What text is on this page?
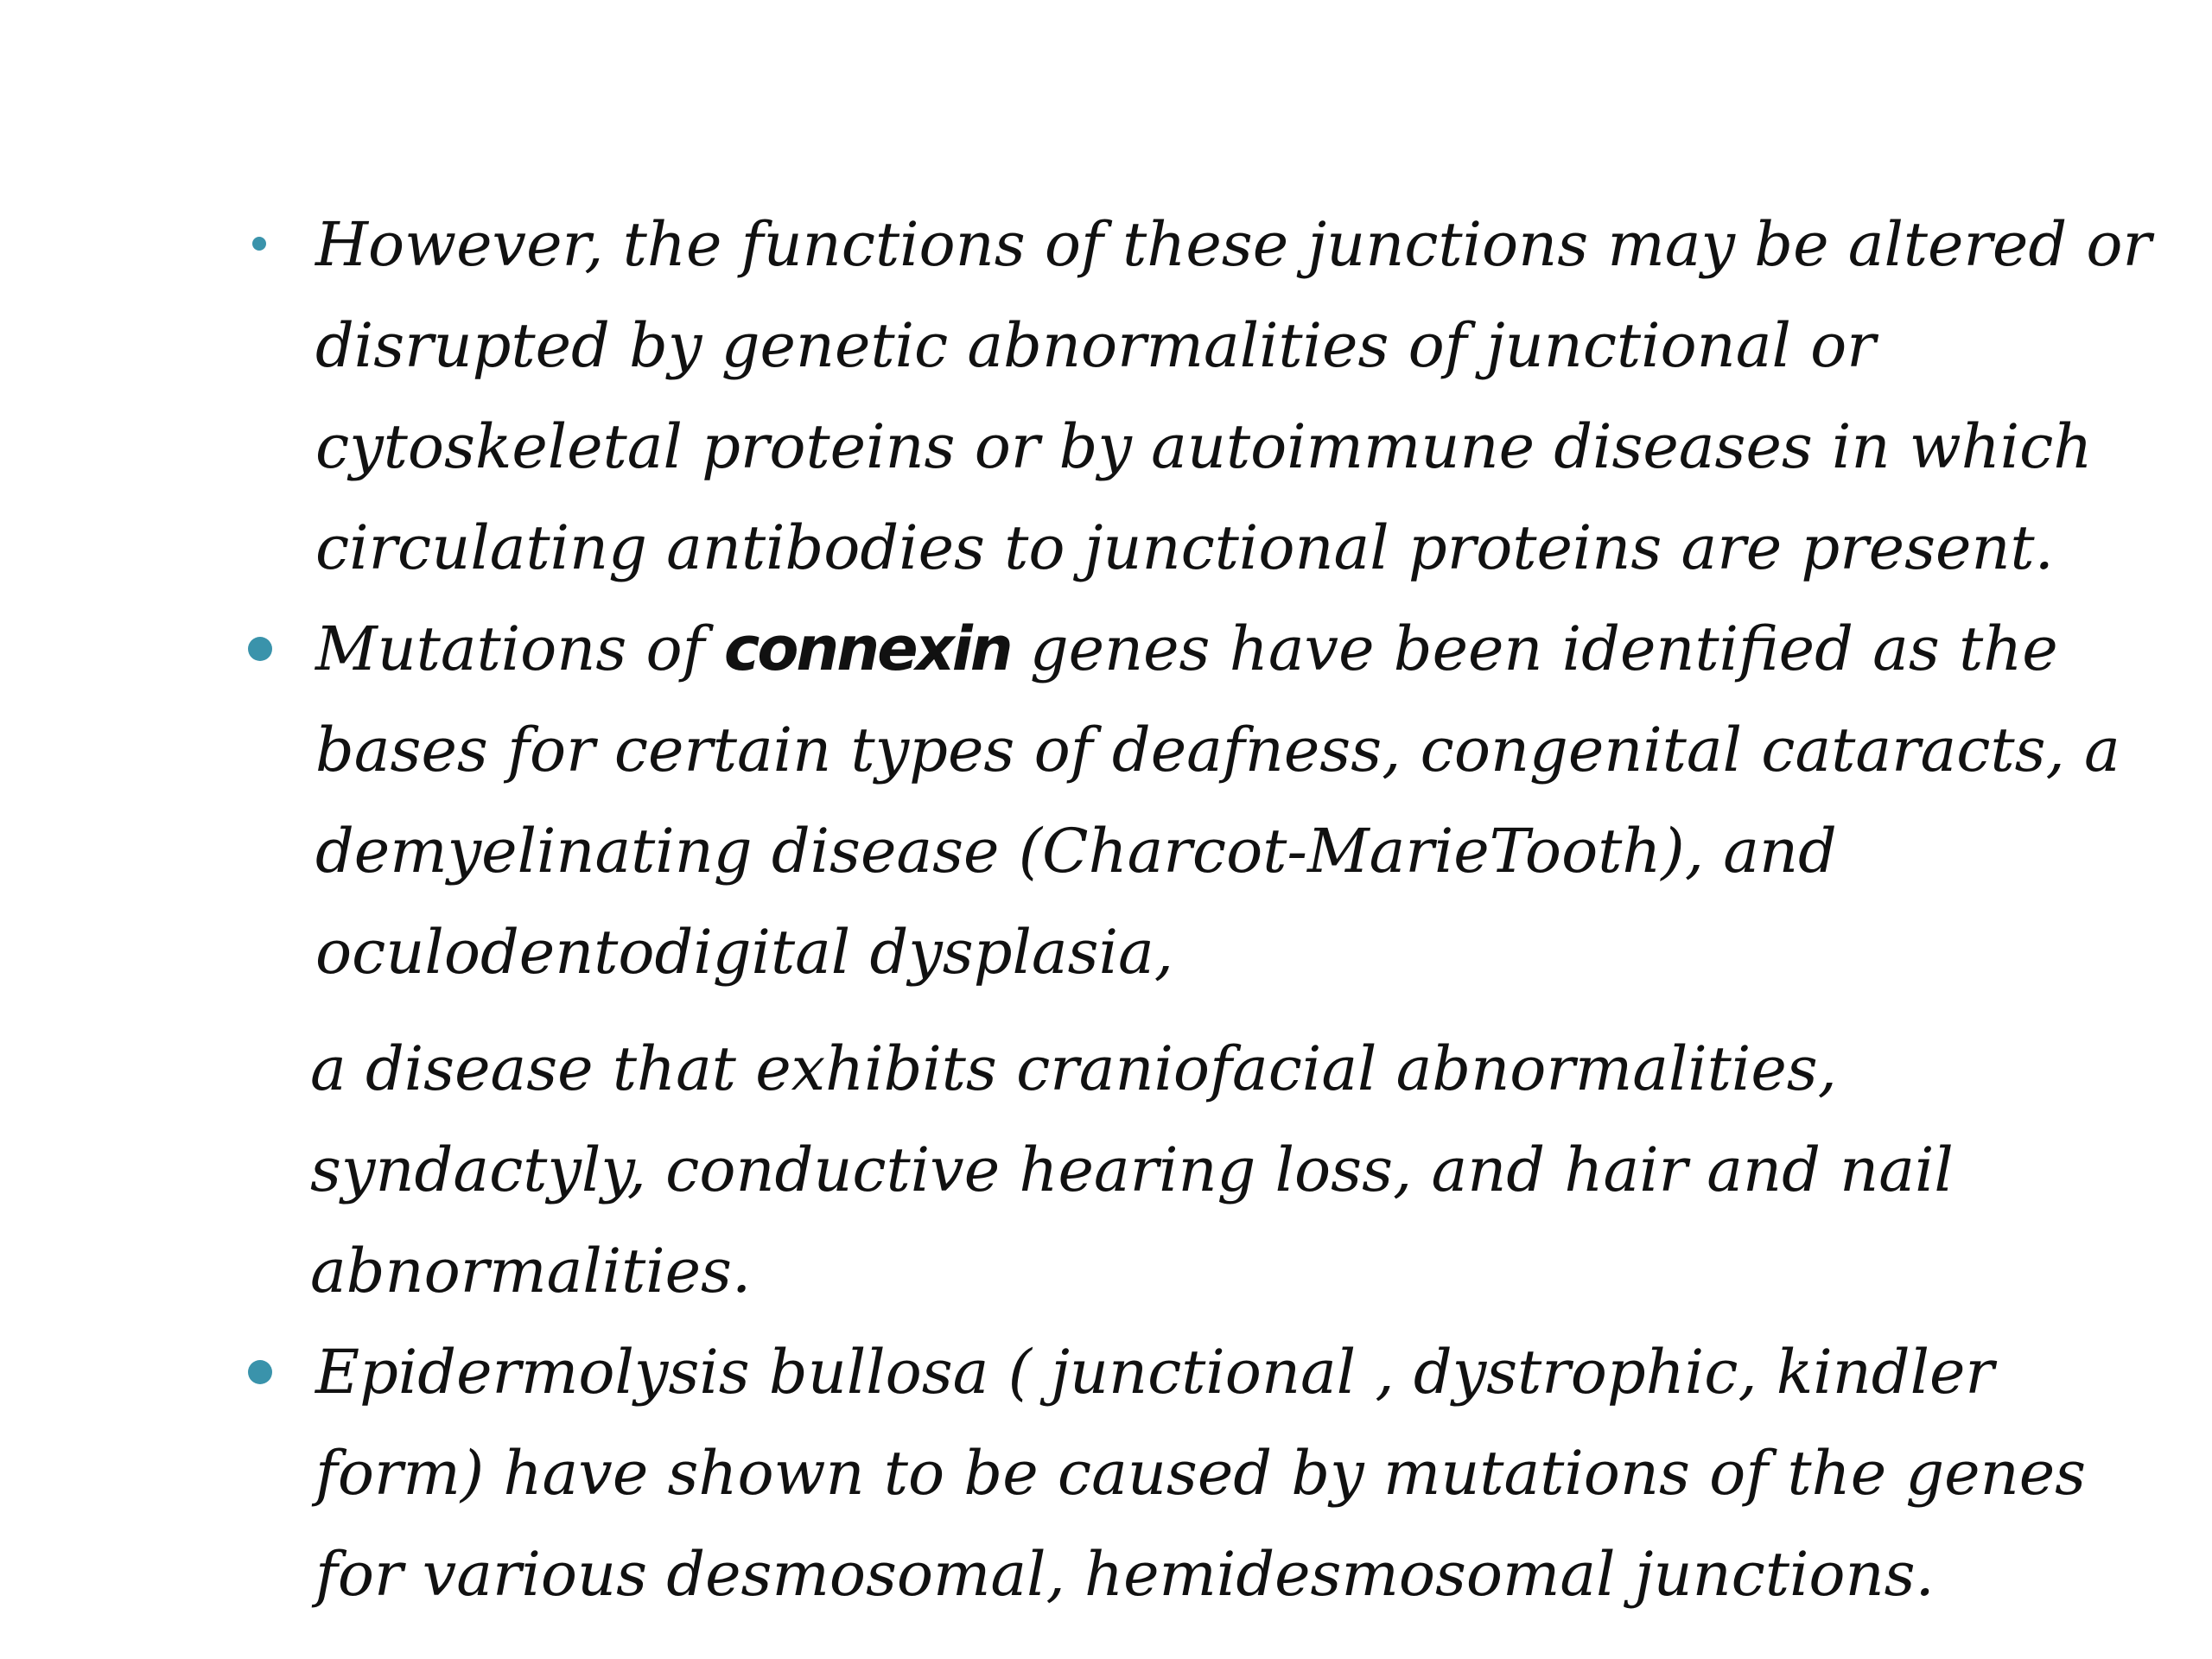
However, the functions of these junctions may be altered or disrupted by genetic abnormalities of junctional or cytoskeletal proteins or by autoimmune diseases in which circulating antibodies to junctional proteins are present.
Mutations of connexin genes have been identified as the bases for certain types of deafness, congenital cataracts, a demyelinating disease (Charcot-MarieTooth), and oculodentodigital dysplasia,
a disease that exhibits craniofacial abnormalities, syndactyly, conductive hearing loss, and hair and nail abnormalities.
Epidermolysis bullosa ( junctional , dystrophic, kindler form) have shown to be caused by mutations of the genes for various desmosomal, hemidesmosomal junctions.
